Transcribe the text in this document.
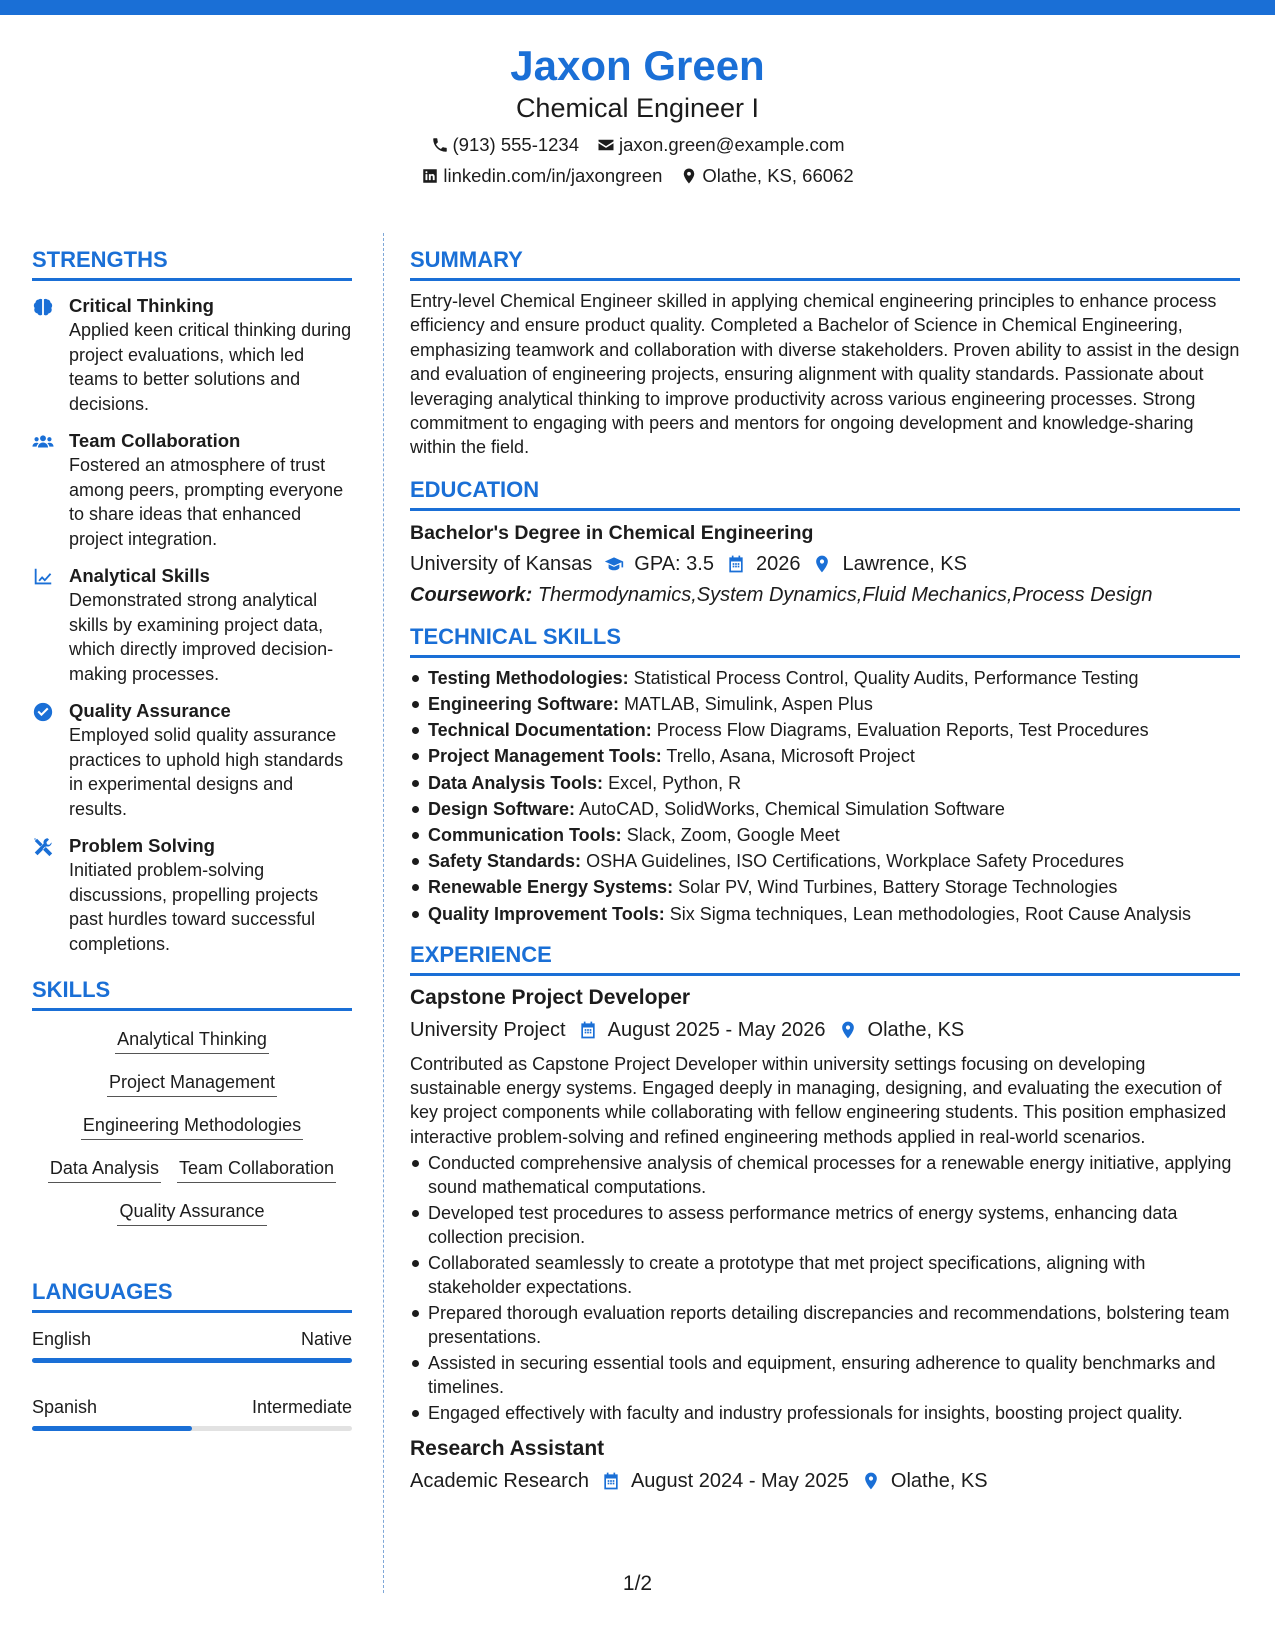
Jaxon Green
Chemical Engineer I
(913) 555-1234 jaxon.green@example.com
linkedin.com/in/jaxongreen Olathe, KS, 66062
STRENGTHS
Critical Thinking
Applied keen critical thinking during project evaluations, which led teams to better solutions and decisions.
Team Collaboration
Fostered an atmosphere of trust among peers, prompting everyone to share ideas that enhanced project integration.
Analytical Skills
Demonstrated strong analytical skills by examining project data, which directly improved decision-making processes.
Quality Assurance
Employed solid quality assurance practices to uphold high standards in experimental designs and results.
Problem Solving
Initiated problem-solving discussions, propelling projects past hurdles toward successful completions.
SKILLS
Analytical Thinking
Project Management
Engineering Methodologies
Data Analysis Team Collaboration
Quality Assurance
LANGUAGES
English	Native
Spanish	Intermediate
SUMMARY
Entry-level Chemical Engineer skilled in applying chemical engineering principles to enhance process efficiency and ensure product quality. Completed a Bachelor of Science in Chemical Engineering, emphasizing teamwork and collaboration with diverse stakeholders. Proven ability to assist in the design and evaluation of engineering projects, ensuring alignment with quality standards. Passionate about leveraging analytical thinking to improve productivity across various engineering processes. Strong commitment to engaging with peers and mentors for ongoing development and knowledge-sharing within the field.
EDUCATION
Bachelor's Degree in Chemical Engineering
University of Kansas GPA: 3.5 2026 Lawrence, KS
Coursework: Thermodynamics,System Dynamics,Fluid Mechanics,Process Design
TECHNICAL SKILLS
Testing Methodologies: Statistical Process Control, Quality Audits, Performance Testing
Engineering Software: MATLAB, Simulink, Aspen Plus
Technical Documentation: Process Flow Diagrams, Evaluation Reports, Test Procedures
Project Management Tools: Trello, Asana, Microsoft Project
Data Analysis Tools: Excel, Python, R
Design Software: AutoCAD, SolidWorks, Chemical Simulation Software
Communication Tools: Slack, Zoom, Google Meet
Safety Standards: OSHA Guidelines, ISO Certifications, Workplace Safety Procedures
Renewable Energy Systems: Solar PV, Wind Turbines, Battery Storage Technologies
Quality Improvement Tools: Six Sigma techniques, Lean methodologies, Root Cause Analysis
EXPERIENCE
Capstone Project Developer
University Project August 2025 - May 2026 Olathe, KS
Contributed as Capstone Project Developer within university settings focusing on developing sustainable energy systems. Engaged deeply in managing, designing, and evaluating the execution of key project components while collaborating with fellow engineering students. This position emphasized interactive problem-solving and refined engineering methods applied in real-world scenarios.
Conducted comprehensive analysis of chemical processes for a renewable energy initiative, applying sound mathematical computations.
Developed test procedures to assess performance metrics of energy systems, enhancing data collection precision.
Collaborated seamlessly to create a prototype that met project specifications, aligning with stakeholder expectations.
Prepared thorough evaluation reports detailing discrepancies and recommendations, bolstering team presentations.
Assisted in securing essential tools and equipment, ensuring adherence to quality benchmarks and timelines.
Engaged effectively with faculty and industry professionals for insights, boosting project quality.
Research Assistant
Academic Research August 2024 - May 2025 Olathe, KS
1/2
